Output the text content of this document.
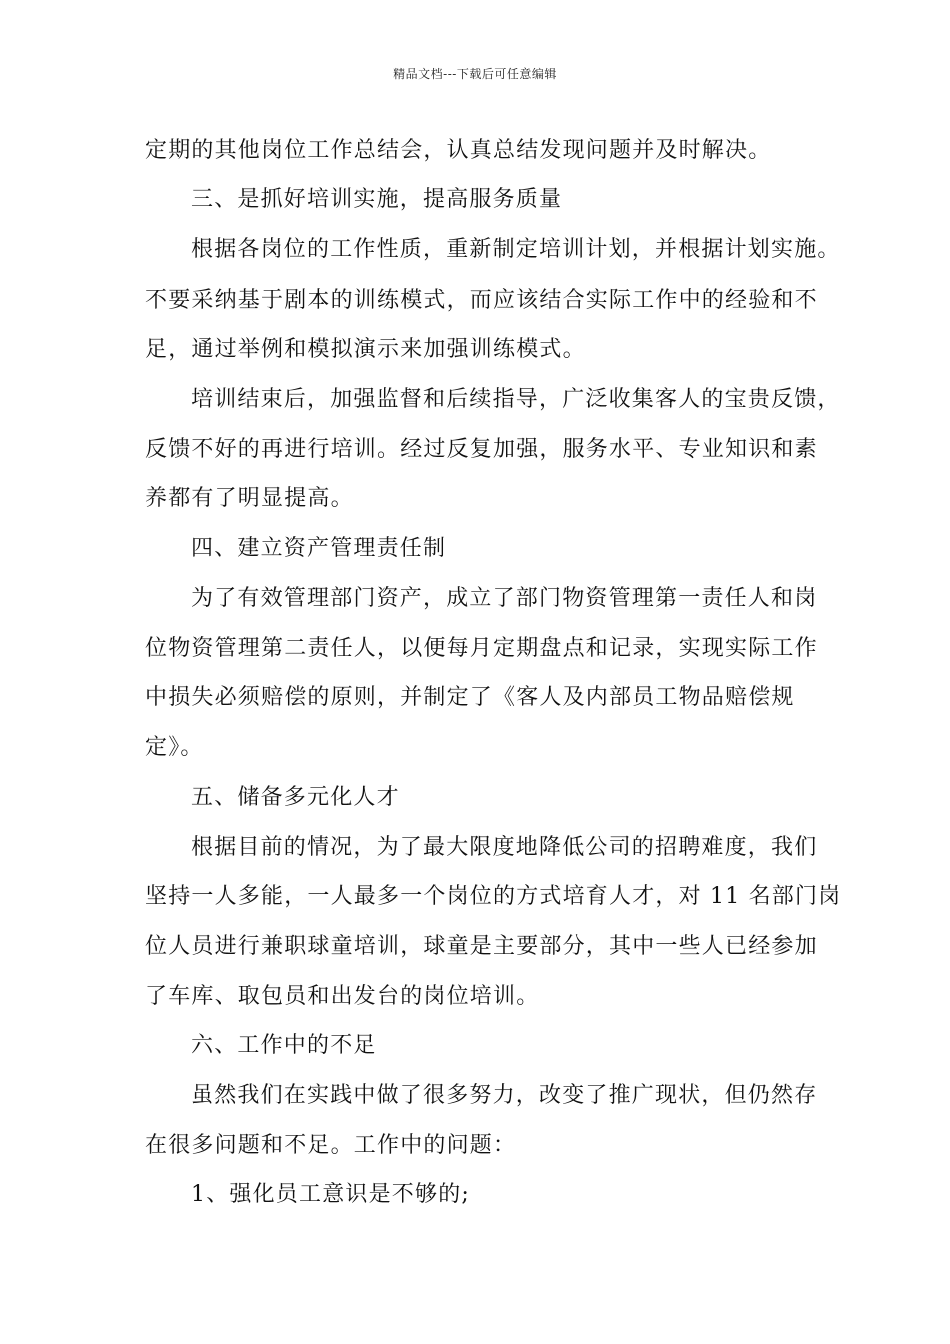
精品文档---下载后可任意编辑
定期的其他岗位工作总结会，认真总结发现问题并及时解决。
三、是抓好培训实施，提高服务质量
根据各岗位的工作性质，重新制定培训计划，并根据计划实施。
不要采纳基于剧本的训练模式，而应该结合实际工作中的经验和不
足，通过举例和模拟演示来加强训练模式。
培训结束后，加强监督和后续指导，广泛收集客人的宝贵反馈，
反馈不好的再进行培训。经过反复加强，服务水平、专业知识和素
养都有了明显提高。
四、建立资产管理责任制
为了有效管理部门资产，成立了部门物资管理第一责任人和岗
位物资管理第二责任人，以便每月定期盘点和记录，实现实际工作
中损失必须赔偿的原则，并制定了《客人及内部员工物品赔偿规
定》。
五、储备多元化人才
根据目前的情况，为了最大限度地降低公司的招聘难度，我们
坚持一人多能，一人最多一个岗位的方式培育人才，对 11 名部门岗
位人员进行兼职球童培训，球童是主要部分，其中一些人已经参加
了车库、取包员和出发台的岗位培训。
六、工作中的不足
虽然我们在实践中做了很多努力，改变了推广现状，但仍然存
在很多问题和不足。工作中的问题：
1、强化员工意识是不够的;
